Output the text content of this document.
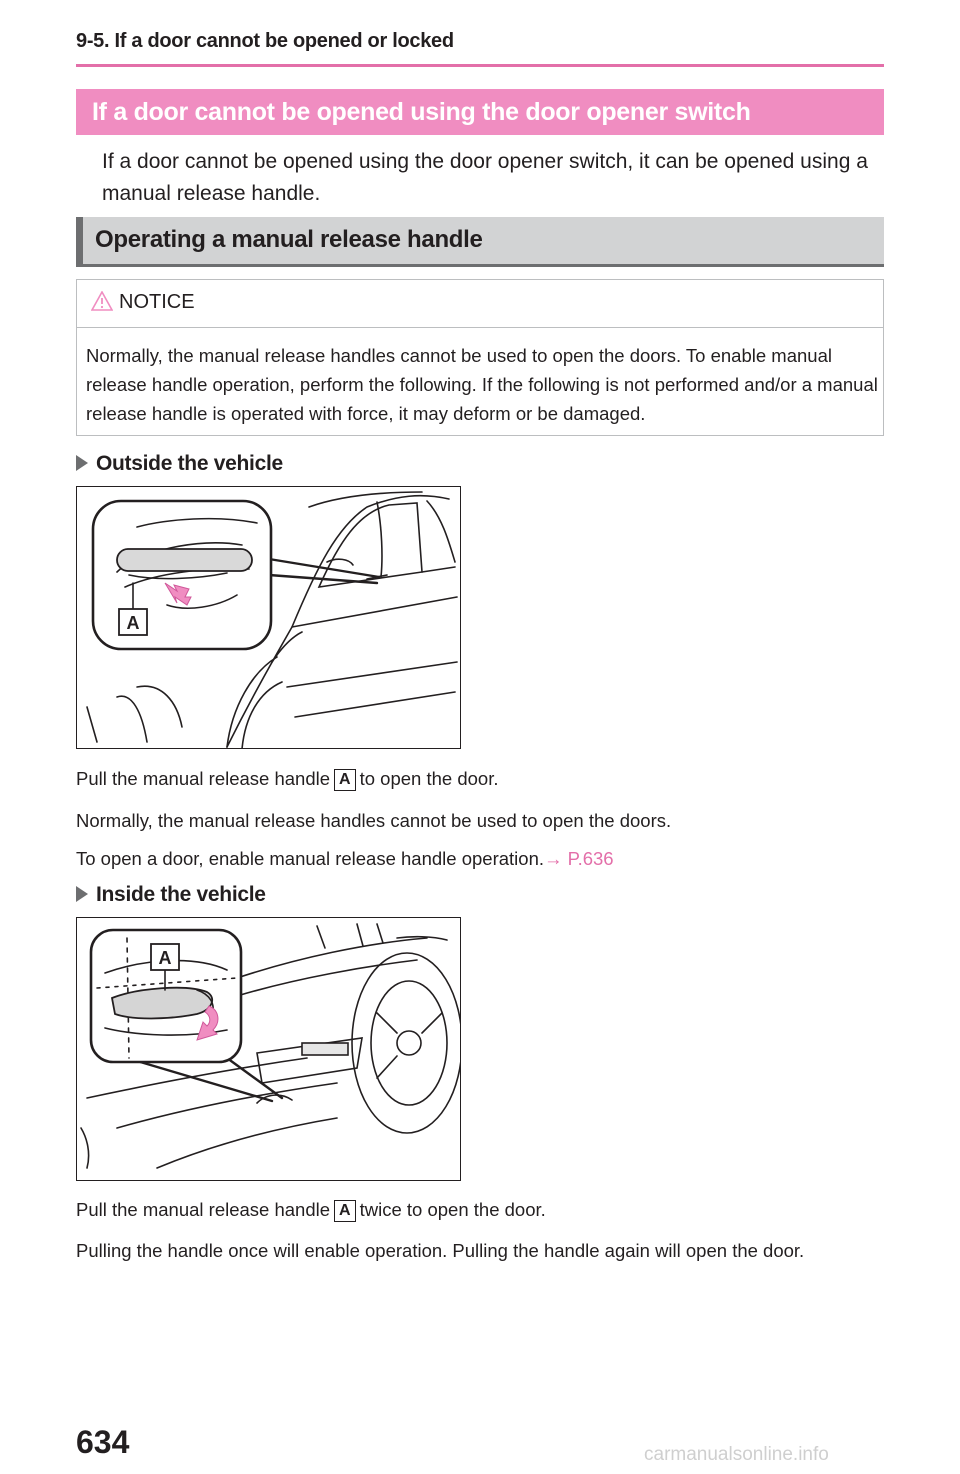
9-5. If a door cannot be opened or locked
If a door cannot be opened using the door opener switch
If a door cannot be opened using the door opener switch, it can be opened using a manual release handle.
Operating a manual release handle
NOTICE
Normally, the manual release handles cannot be used to open the doors. To enable manual release handle operation, perform the following. If the following is not performed and/or a manual release handle is operated with force, it may deform or be damaged.
Outside the vehicle
A
Pull the manual release handle A to open the door.
Normally, the manual release handles cannot be used to open the doors.
To open a door, enable manual release handle operation.→ P.636
Inside the vehicle
A
Pull the manual release handle A twice to open the door.
Pulling the handle once will enable operation. Pulling the handle again will open the door.
634	carmanualsonline.info
